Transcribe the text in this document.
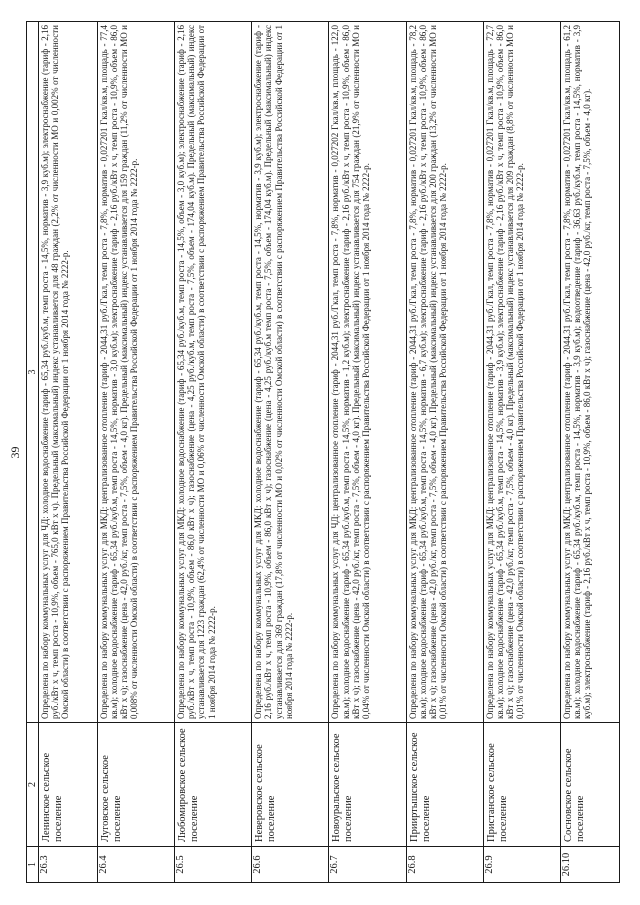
39
1	2	3
26.3	Ленинское сельское поселение	Определена по набору коммунальных услуг для ЧД: холодное водоснабжение (тариф - 65,34 руб./куб.м, темп роста - 14,5%, норматив - 3,9 куб.м); электроснабжение (тариф - 2,16 руб./кВт х ч, темп роста - 10,9%, объем - 765,0 кВт х ч). Предельный (максимальный) индекс устанавливается для 48 граждан (2,2% от численности МО и 0,002% от численности Омской области) в соответствии с распоряжением Правительства Российской Федерации от 1 ноября 2014 года № 2222-р.
26.4	Луговское сельское поселение	Определена по набору коммунальных услуг для МКД: централизованное отопление (тариф - 2044,31 руб./Гкал, темп роста - 7,8%, норматив - 0,027201 Гкал/кв.м, площадь - 77,4 кв.м); холодное водоснабжение (тариф - 65,34 руб./куб.м, темп роста - 14,5%, норматив - 3,0 куб.м); электроснабжение (тариф - 2,16 руб./кВт х ч, темп роста - 10,9%, объем - 86,0 кВт х ч); газоснабжение (цена - 42,0 руб./кг, темп роста - 7,5%, объем - 4,0 кг). Предельный (максимальный) индекс устанавливается для 159 граждан (11,2% от численности МО и 0,008% от численности Омской области) в соответствии с распоряжением Правительства Российской Федерации от 1 ноября 2014 года № 2222-р.
26.5	Любомировское сельское поселение	Определена по набору коммунальных услуг для МКД: холодное водоснабжение (тариф - 65,34 руб./куб.м, темп роста - 14,5%, объем - 3,0 куб.м); электроснабжение (тариф - 2,16 руб./кВт х ч, темп роста - 10,9%, объем - 86,0 кВт х ч); газоснабжение (цена - 4,25 руб./куб.м, темп роста - 7,5%, объем - 174,04 куб.м). Предельный (максимальный) индекс устанавливается для 1223 граждан (62,4% от численности МО и 0,06% от численности Омской области) в соответствии с распоряжением Правительства Российской Федерации от 1 ноября 2014 года № 2222-р.
26.6	Неверовское сельское поселение	Определена по набору коммунальных услуг для МКД: холодное водоснабжение (тариф - 65,34 руб./куб.м, темп роста - 14,5%, норматив - 3,9 куб.м); электроснабжение (тариф - 2,16 руб./кВт х ч, темп роста - 10,9%, объем - 86,0 кВт х ч); газоснабжение (цена - 4,25 руб./куб.м темп роста - 7,5%, объем - 174,04 куб.м). Предельный (максимальный) индекс устанавливается для 369 граждан (17,8% от численности МО и 0,02% от численности Омской области) в соответствии с распоряжением Правительства Российской Федерации от 1 ноября 2014 года № 2222-р.
26.7	Новоуральское сельское поселение	Определена по набору коммунальных услуг для ЧД: централизованное отопление (тариф - 2044,31 руб./Гкал, темп роста - 7,8%, норматив - 0,027202 Гкал/кв.м, площадь - 122,0 кв.м); холодное водоснабжение (тариф - 65,34 руб./куб.м, темп роста - 14,5%, норматив - 1,2 куб.м); электроснабжение (тариф - 2,16 руб./кВт х ч, темп роста - 10,9%, объем - 86,0 кВт х ч); газоснабжение (цена - 42,0 руб./кг, темп роста - 7,5%, объем - 4,0 кг). Предельный (максимальный) индекс устанавливается для 754 граждан (21,9% от численности МО и 0,04% от численности Омской области) в соответствии с распоряжением Правительства Российской Федерации от 1 ноября 2014 года № 2222-р.
26.8	Прииртышское сельское поселение	Определена по набору коммунальных услуг для МКД: централизованное отопление (тариф - 2044,31 руб./Гкал, темп роста - 7,8%, норматив - 0,027201 Гкал/кв.м, площадь - 78,2 кв.м); холодное водоснабжение (тариф - 65,34 руб./куб.м, темп роста - 14,5%, норматив - 6,7 куб.м); электроснабжение (тариф - 2,16 руб./кВт х ч, темп роста - 10,9%, объем - 86,0 кВт х ч); газоснабжение (цена - 42,0 руб./кг, темп роста - 7,5%, объем - 4,0 кг). Предельный (максимальный) индекс устанавливается для 200 граждан (13,2% от численности МО и 0,01% от численности Омской области) в соответствии с распоряжением Правительства Российской Федерации от 1 ноября 2014 года № 2222-р.
26.9	Пристанское сельское поселение	Определена по набору коммунальных услуг для МКД: централизованное отопление (тариф - 2044,31 руб./Гкал, темп роста - 7,8%, норматив - 0,027201 Гкал/кв.м, площадь - 72,7 кв.м); холодное водоснабжение (тариф - 65,34 руб./куб.м, темп роста - 14,5%, норматив - 3,9 куб.м); электроснабжение (тариф - 2,16 руб./кВт х ч, темп роста - 10,9%, объем - 86,0 кВт х ч); газоснабжение (цена - 42,0 руб./кг, темп роста - 7,5%, объем - 4,0 кг). Предельный (максимальный) индекс устанавливается для 209 граждан (8,8% от численности МО и 0,01% от численности Омской области) в соответствии с распоряжением Правительства Российской Федерации от 1 ноября 2014 года № 2222-р.
26.10	Сосновское сельское поселение	Определена по набору коммунальных услуг для МКД: централизованное отопление (тариф - 2044,31 руб./Гкал, темп роста - 7,8%, норматив - 0,027201 Гкал/кв.м, площадь - 61,2 кв.м); холодное водоснабжение (тариф - 65,34 руб./куб.м, темп роста - 14,5%, норматив - 3,9 куб.м); водоотведение (тариф - 36,63 руб./куб.м, темп роста - 14,5%, норматив - 3,9 куб.м); электроснабжение (тариф - 2,16 руб./кВт х ч, темп роста - 10,9%, объем - 86,0 кВт х ч); газоснабжение (цена - 42,0 руб./кг, темп роста - 7,5%, объем - 4,0 кг).
